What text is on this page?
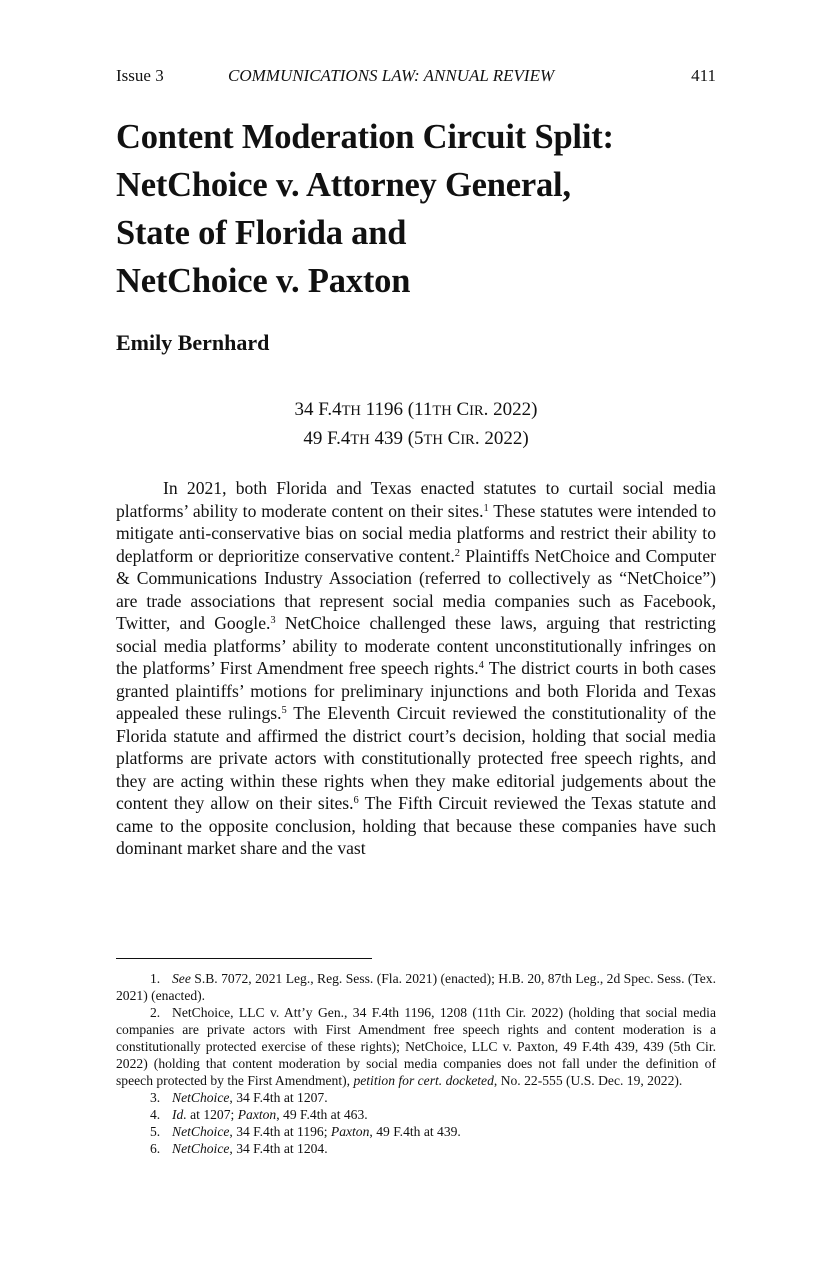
Issue 3	COMMUNICATIONS LAW: ANNUAL REVIEW	411
Content Moderation Circuit Split:
NetChoice v. Attorney General,
State of Florida and
NetChoice v. Paxton
Emily Bernhard
34 F.4TH 1196 (11TH CIR. 2022)
49 F.4TH 439 (5TH CIR. 2022)

In 2021, both Florida and Texas enacted statutes to curtail social media platforms’ ability to moderate content on their sites.$^1$ These statutes were intended to mitigate anti-conservative bias on social media platforms and restrict their ability to deplatform or deprioritize conservative content.$^2$ Plaintiffs NetChoice and Computer & Communications Industry Association (referred to collectively as “NetChoice”) are trade associations that represent social media companies such as Facebook, Twitter, and Google.$^3$ NetChoice challenged these laws, arguing that restricting social media platforms’ ability to moderate content unconstitutionally infringes on the platforms’ First Amendment free speech rights.$^4$ The district courts in both cases granted plaintiffs’ motions for preliminary injunctions and both Florida and Texas appealed these rulings.$^5$ The Eleventh Circuit reviewed the constitutionality of the Florida statute and affirmed the district court’s decision, holding that social media platforms are private actors with constitutionally protected free speech rights, and they are acting within these rights when they make editorial judgements about the content they allow on their sites.$^6$ The Fifth Circuit reviewed the Texas statute and came to the opposite conclusion, holding that because these companies have such dominant market share and the vast

1. See S.B. 7072, 2021 Leg., Reg. Sess. (Fla. 2021) (enacted); H.B. 20, 87th Leg., 2d Spec. Sess. (Tex. 2021) (enacted).

2. NetChoice, LLC v. Att’y Gen., 34 F.4th 1196, 1208 (11th Cir. 2022) (holding that social media companies are private actors with First Amendment free speech rights and content moderation is a constitutionally protected exercise of these rights); NetChoice, LLC v. Paxton, 49 F.4th 439, 439 (5th Cir. 2022) (holding that content moderation by social media companies does not fall under the definition of speech protected by the First Amendment), petition for cert. docketed, No. 22-555 (U.S. Dec. 19, 2022).

3. NetChoice, 34 F.4th at 1207.

4. Id. at 1207; Paxton, 49 F.4th at 463.

5. NetChoice, 34 F.4th at 1196; Paxton, 49 F.4th at 439.

6. NetChoice, 34 F.4th at 1204.
